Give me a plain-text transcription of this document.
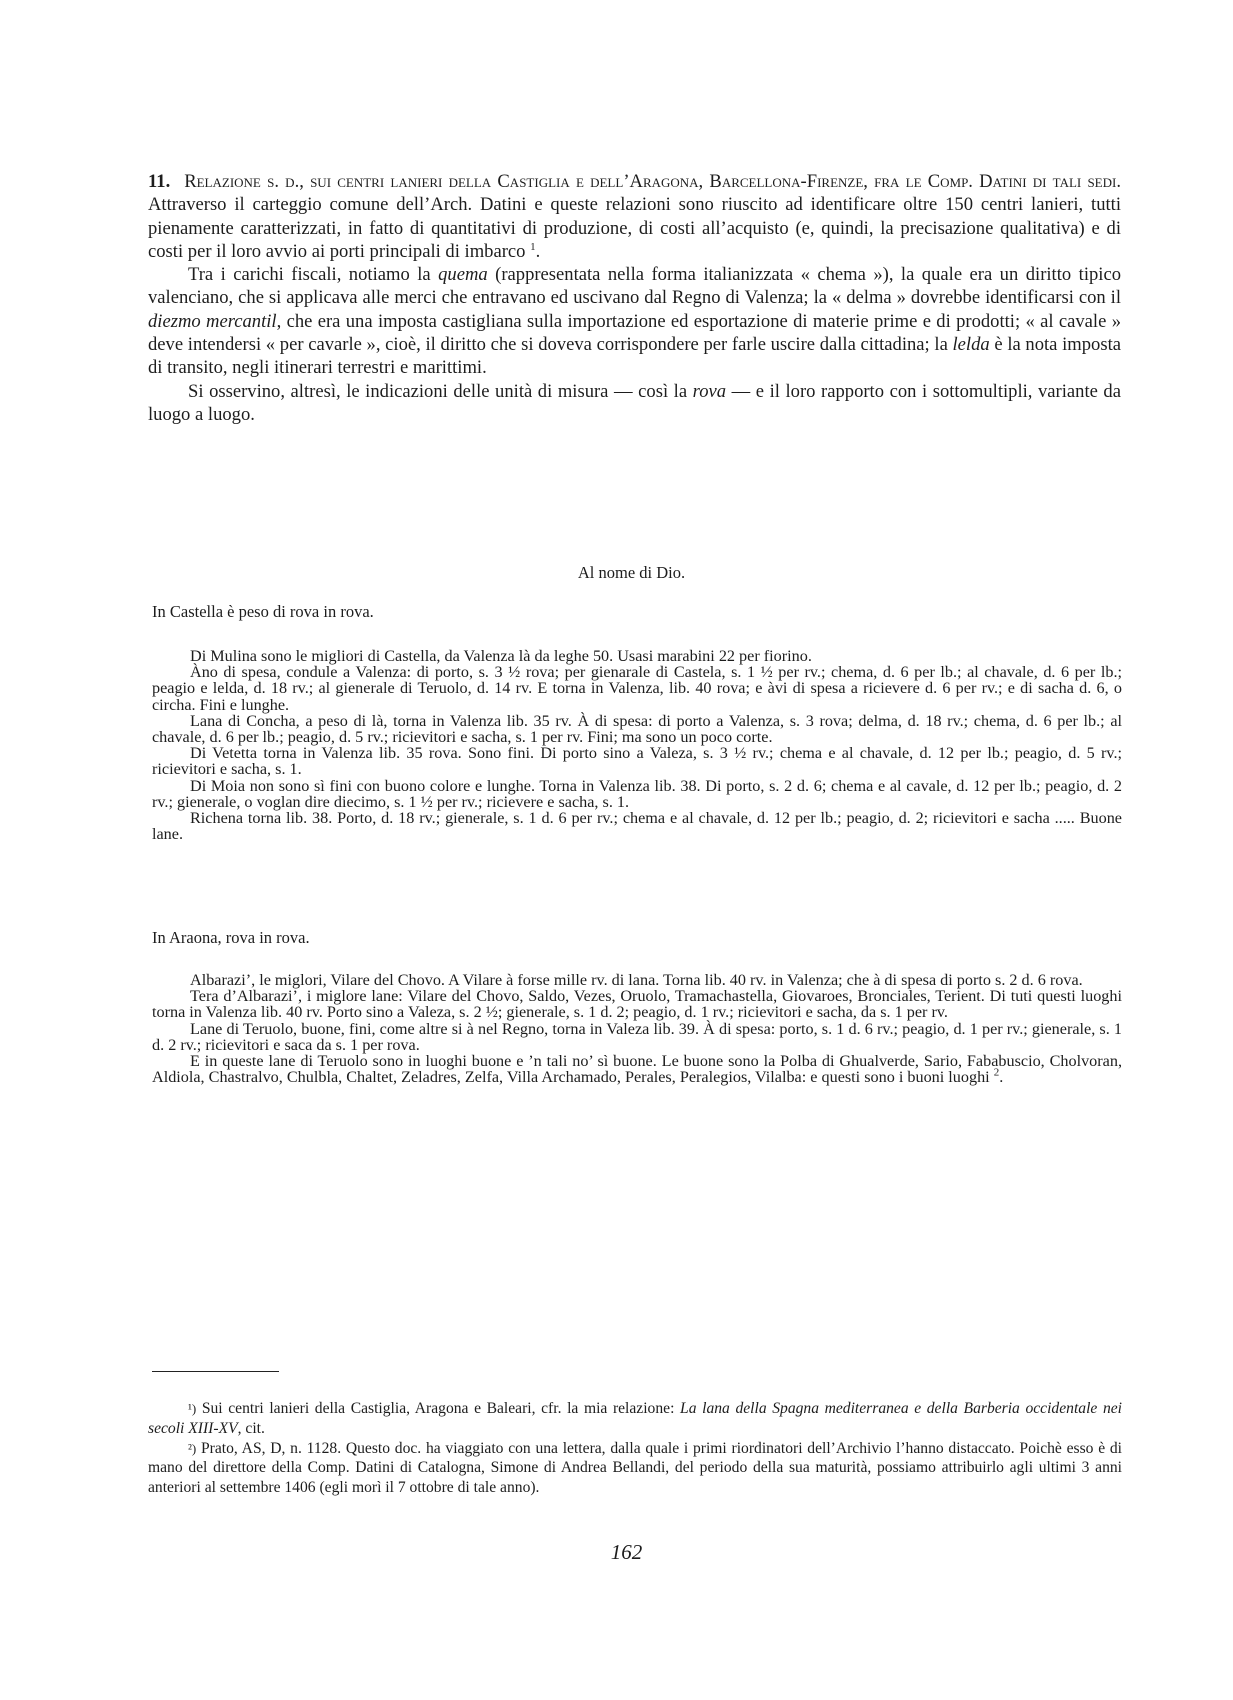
11. Relazione s. d., sui centri lanieri della Castiglia e dell’Aragona, Barcellona-Firenze, fra le Comp. Datini di tali sedi. Attraverso il carteggio comune dell’Arch. Datini e queste relazioni sono riuscito ad identificare oltre 150 centri lanieri, tutti pienamente caratterizzati, in fatto di quantitativi di produzione, di costi all’acquisto (e, quindi, la precisazione qualitativa) e di costi per il loro avvio ai porti principali di imbarco $^1$.

Tra i carichi fiscali, notiamo la quema (rappresentata nella forma italianizzata « chema »), la quale era un diritto tipico valenciano, che si applicava alle merci che entravano ed uscivano dal Regno di Valenza; la « delma » dovrebbe identificarsi con il diezmo mercantil, che era una imposta castigliana sulla importazione ed esportazione di materie prime e di prodotti; « al cavale » deve intendersi « per cavarle », cioè, il diritto che si doveva corrispondere per farle uscire dalla cittadina; la lelda è la nota imposta di transito, negli itinerari terrestri e marittimi.

Si osservino, altresì, le indicazioni delle unità di misura — così la rova — e il loro rapporto con i sottomultipli, variante da luogo a luogo.

Al nome di Dio.

In Castella è peso di rova in rova.

Di Mulina sono le migliori di Castella, da Valenza là da leghe 50. Usasi marabini 22 per fiorino.

Àno di spesa, condule a Valenza: di porto, s. 3 ½ rova; per gienarale di Castela, s. 1 ½ per rv.; chema, d. 6 per lb.; al chavale, d. 6 per lb.; peagio e lelda, d. 18 rv.; al gienerale di Teruolo, d. 14 rv. E torna in Valenza, lib. 40 rova; e àvi di spesa a ricievere d. 6 per rv.; e di sacha d. 6, o circha. Fini e lunghe.

Lana di Concha, a peso di là, torna in Valenza lib. 35 rv. À di spesa: di porto a Valenza, s. 3 rova; delma, d. 18 rv.; chema, d. 6 per lb.; al chavale, d. 6 per lb.; peagio, d. 5 rv.; ricievitori e sacha, s. 1 per rv. Fini; ma sono un poco corte.

Di Vetetta torna in Valenza lib. 35 rova. Sono fini. Di porto sino a Valeza, s. 3 ½ rv.; chema e al chavale, d. 12 per lb.; peagio, d. 5 rv.; ricievitori e sacha, s. 1.

Di Moia non sono sì fini con buono colore e lunghe. Torna in Valenza lib. 38. Di porto, s. 2 d. 6; chema e al cavale, d. 12 per lb.; peagio, d. 2 rv.; gienerale, o voglan dire diecimo, s. 1 ½ per rv.; ricievere e sacha, s. 1.

Richena torna lib. 38. Porto, d. 18 rv.; gienerale, s. 1 d. 6 per rv.; chema e al chavale, d. 12 per lb.; peagio, d. 2; ricievitori e sacha ..... Buone lane.

In Araona, rova in rova.

Albarazi’, le miglori, Vilare del Chovo. A Vilare à forse mille rv. di lana. Torna lib. 40 rv. in Valenza; che à di spesa di porto s. 2 d. 6 rova.

Tera d’Albarazi’, i miglore lane: Vilare del Chovo, Saldo, Vezes, Oruolo, Tramachastella, Giovaroes, Bronciales, Terient. Di tuti questi luoghi torna in Valenza lib. 40 rv. Porto sino a Valeza, s. 2 ½; gienerale, s. 1 d. 2; peagio, d. 1 rv.; ricievitori e sacha, da s. 1 per rv.

Lane di Teruolo, buone, fini, come altre si à nel Regno, torna in Valeza lib. 39. À di spesa: porto, s. 1 d. 6 rv.; peagio, d. 1 per rv.; gienerale, s. 1 d. 2 rv.; ricievitori e saca da s. 1 per rova.

E in queste lane di Teruolo sono in luoghi buone e ’n tali no’ sì buone. Le buone sono la Polba di Ghualverde, Sario, Fababuscio, Cholvoran, Aldiola, Chastralvo, Chulbla, Chaltet, Zeladres, Zelfa, Villa Archamado, Perales, Peralegios, Vilalba: e questi sono i buoni luoghi $^2$.

¹) Sui centri lanieri della Castiglia, Aragona e Baleari, cfr. la mia relazione: La lana della Spagna mediterranea e della Barberia occidentale nei secoli XIII-XV, cit.

²) Prato, AS, D, n. 1128. Questo doc. ha viaggiato con una lettera, dalla quale i primi riordinatori dell’Archivio l’hanno distaccato. Poichè esso è di mano del direttore della Comp. Datini di Catalogna, Simone di Andrea Bellandi, del periodo della sua maturità, possiamo attribuirlo agli ultimi 3 anni anteriori al settembre 1406 (egli morì il 7 ottobre di tale anno).

162
